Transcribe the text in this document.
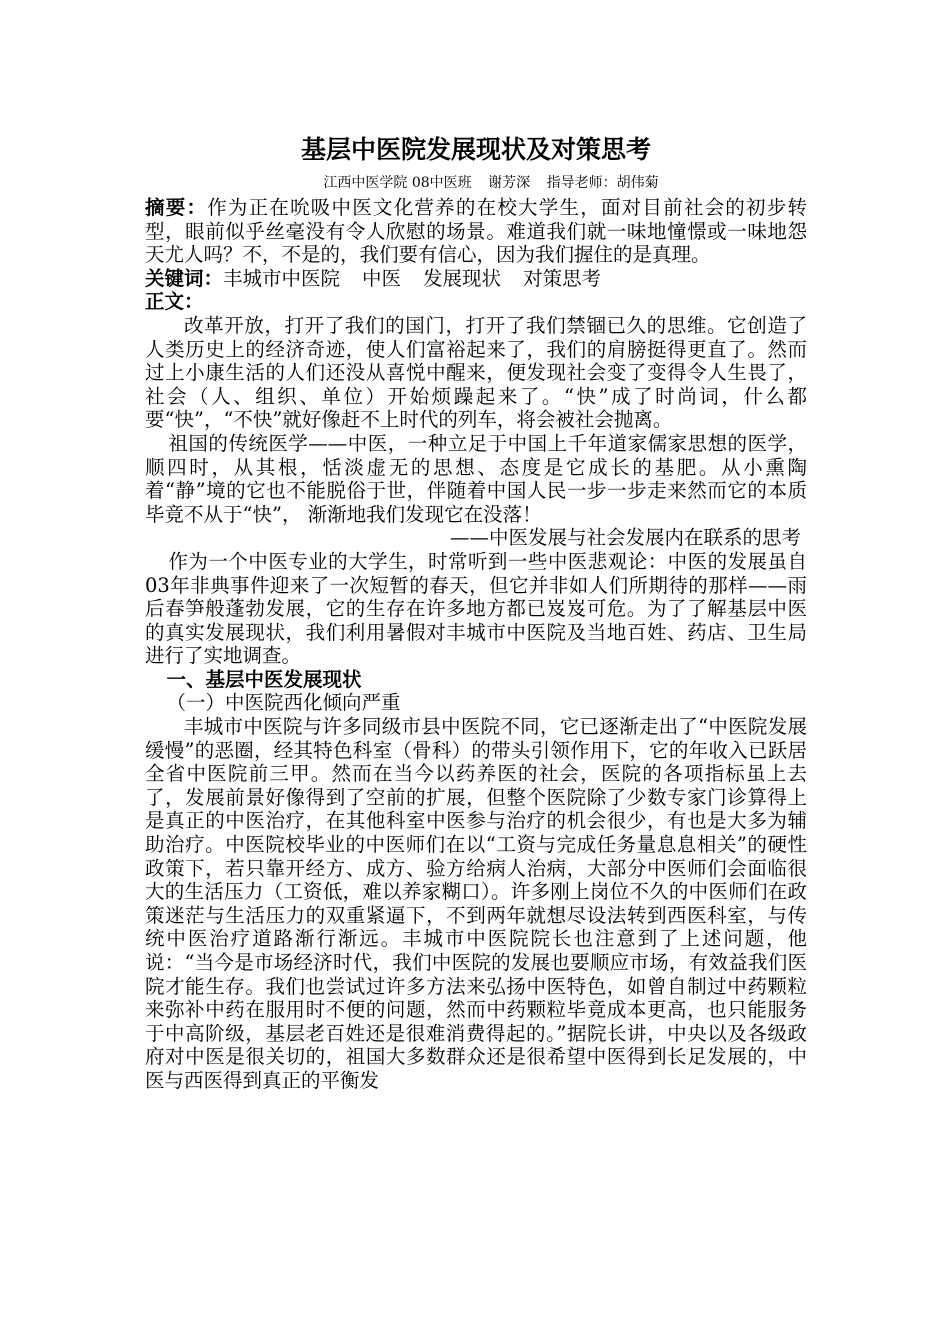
基层中医院发展现状及对策思考

江西中医学院 08中医班 谢芳深 指导老师：胡伟菊

摘要：作为正在吮吸中医文化营养的在校大学生，面对目前社会的初步转型，眼前似乎丝毫没有令人欣慰的场景。难道我们就一味地憧憬或一味地怨天尤人吗？不，不是的，我们要有信心，因为我们握住的是真理。

关键词：丰城市中医院 中医 发展现状 对策思考

正文：

改革开放，打开了我们的国门，打开了我们禁锢已久的思维。它创造了人类历史上的经济奇迹，使人们富裕起来了，我们的肩膀挺得更直了。然而过上小康生活的人们还没从喜悦中醒来，便发现社会变了变得令人生畏了，社会（人、组织、单位）开始烦躁起来了。“快”成了时尚词，什么都要“快”，“不快”就好像赶不上时代的列车，将会被社会抛离。

祖国的传统医学——中医，一种立足于中国上千年道家儒家思想的医学，顺四时，从其根，恬淡虚无的思想、态度是它成长的基肥。从小熏陶着“静”境的它也不能脱俗于世，伴随着中国人民一步一步走来然而它的本质毕竟不从于“快”， 渐渐地我们发现它在没落！

——中医发展与社会发展内在联系的思考

作为一个中医专业的大学生，时常听到一些中医悲观论：中医的发展虽自03年非典事件迎来了一次短暂的春天，但它并非如人们所期待的那样——雨后春笋般蓬勃发展，它的生存在许多地方都已岌岌可危。为了了解基层中医的真实发展现状，我们利用暑假对丰城市中医院及当地百姓、药店、卫生局进行了实地调查。

一、基层中医发展现状

（一）中医院西化倾向严重

丰城市中医院与许多同级市县中医院不同，它已逐渐走出了“中医院发展缓慢”的恶圈，经其特色科室（骨科）的带头引领作用下，它的年收入已跃居全省中医院前三甲。然而在当今以药养医的社会，医院的各项指标虽上去了，发展前景好像得到了空前的扩展，但整个医院除了少数专家门诊算得上是真正的中医治疗，在其他科室中医参与治疗的机会很少，有也是大多为辅助治疗。中医院校毕业的中医师们在以“工资与完成任务量息息相关”的硬性政策下，若只靠开经方、成方、验方给病人治病，大部分中医师们会面临很大的生活压力（工资低，难以养家糊口）。许多刚上岗位不久的中医师们在政策迷茫与生活压力的双重紧逼下，不到两年就想尽设法转到西医科室，与传统中医治疗道路渐行渐远。丰城市中医院院长也注意到了上述问题，他说：“当今是市场经济时代，我们中医院的发展也要顺应市场，有效益我们医院才能生存。我们也尝试过许多方法来弘扬中医特色，如曾自制过中药颗粒来弥补中药在服用时不便的问题，然而中药颗粒毕竟成本更高，也只能服务于中高阶级，基层老百姓还是很难消费得起的。”据院长讲，中央以及各级政府对中医是很关切的，祖国大多数群众还是很希望中医得到长足发展的，中医与西医得到真正的平衡发
